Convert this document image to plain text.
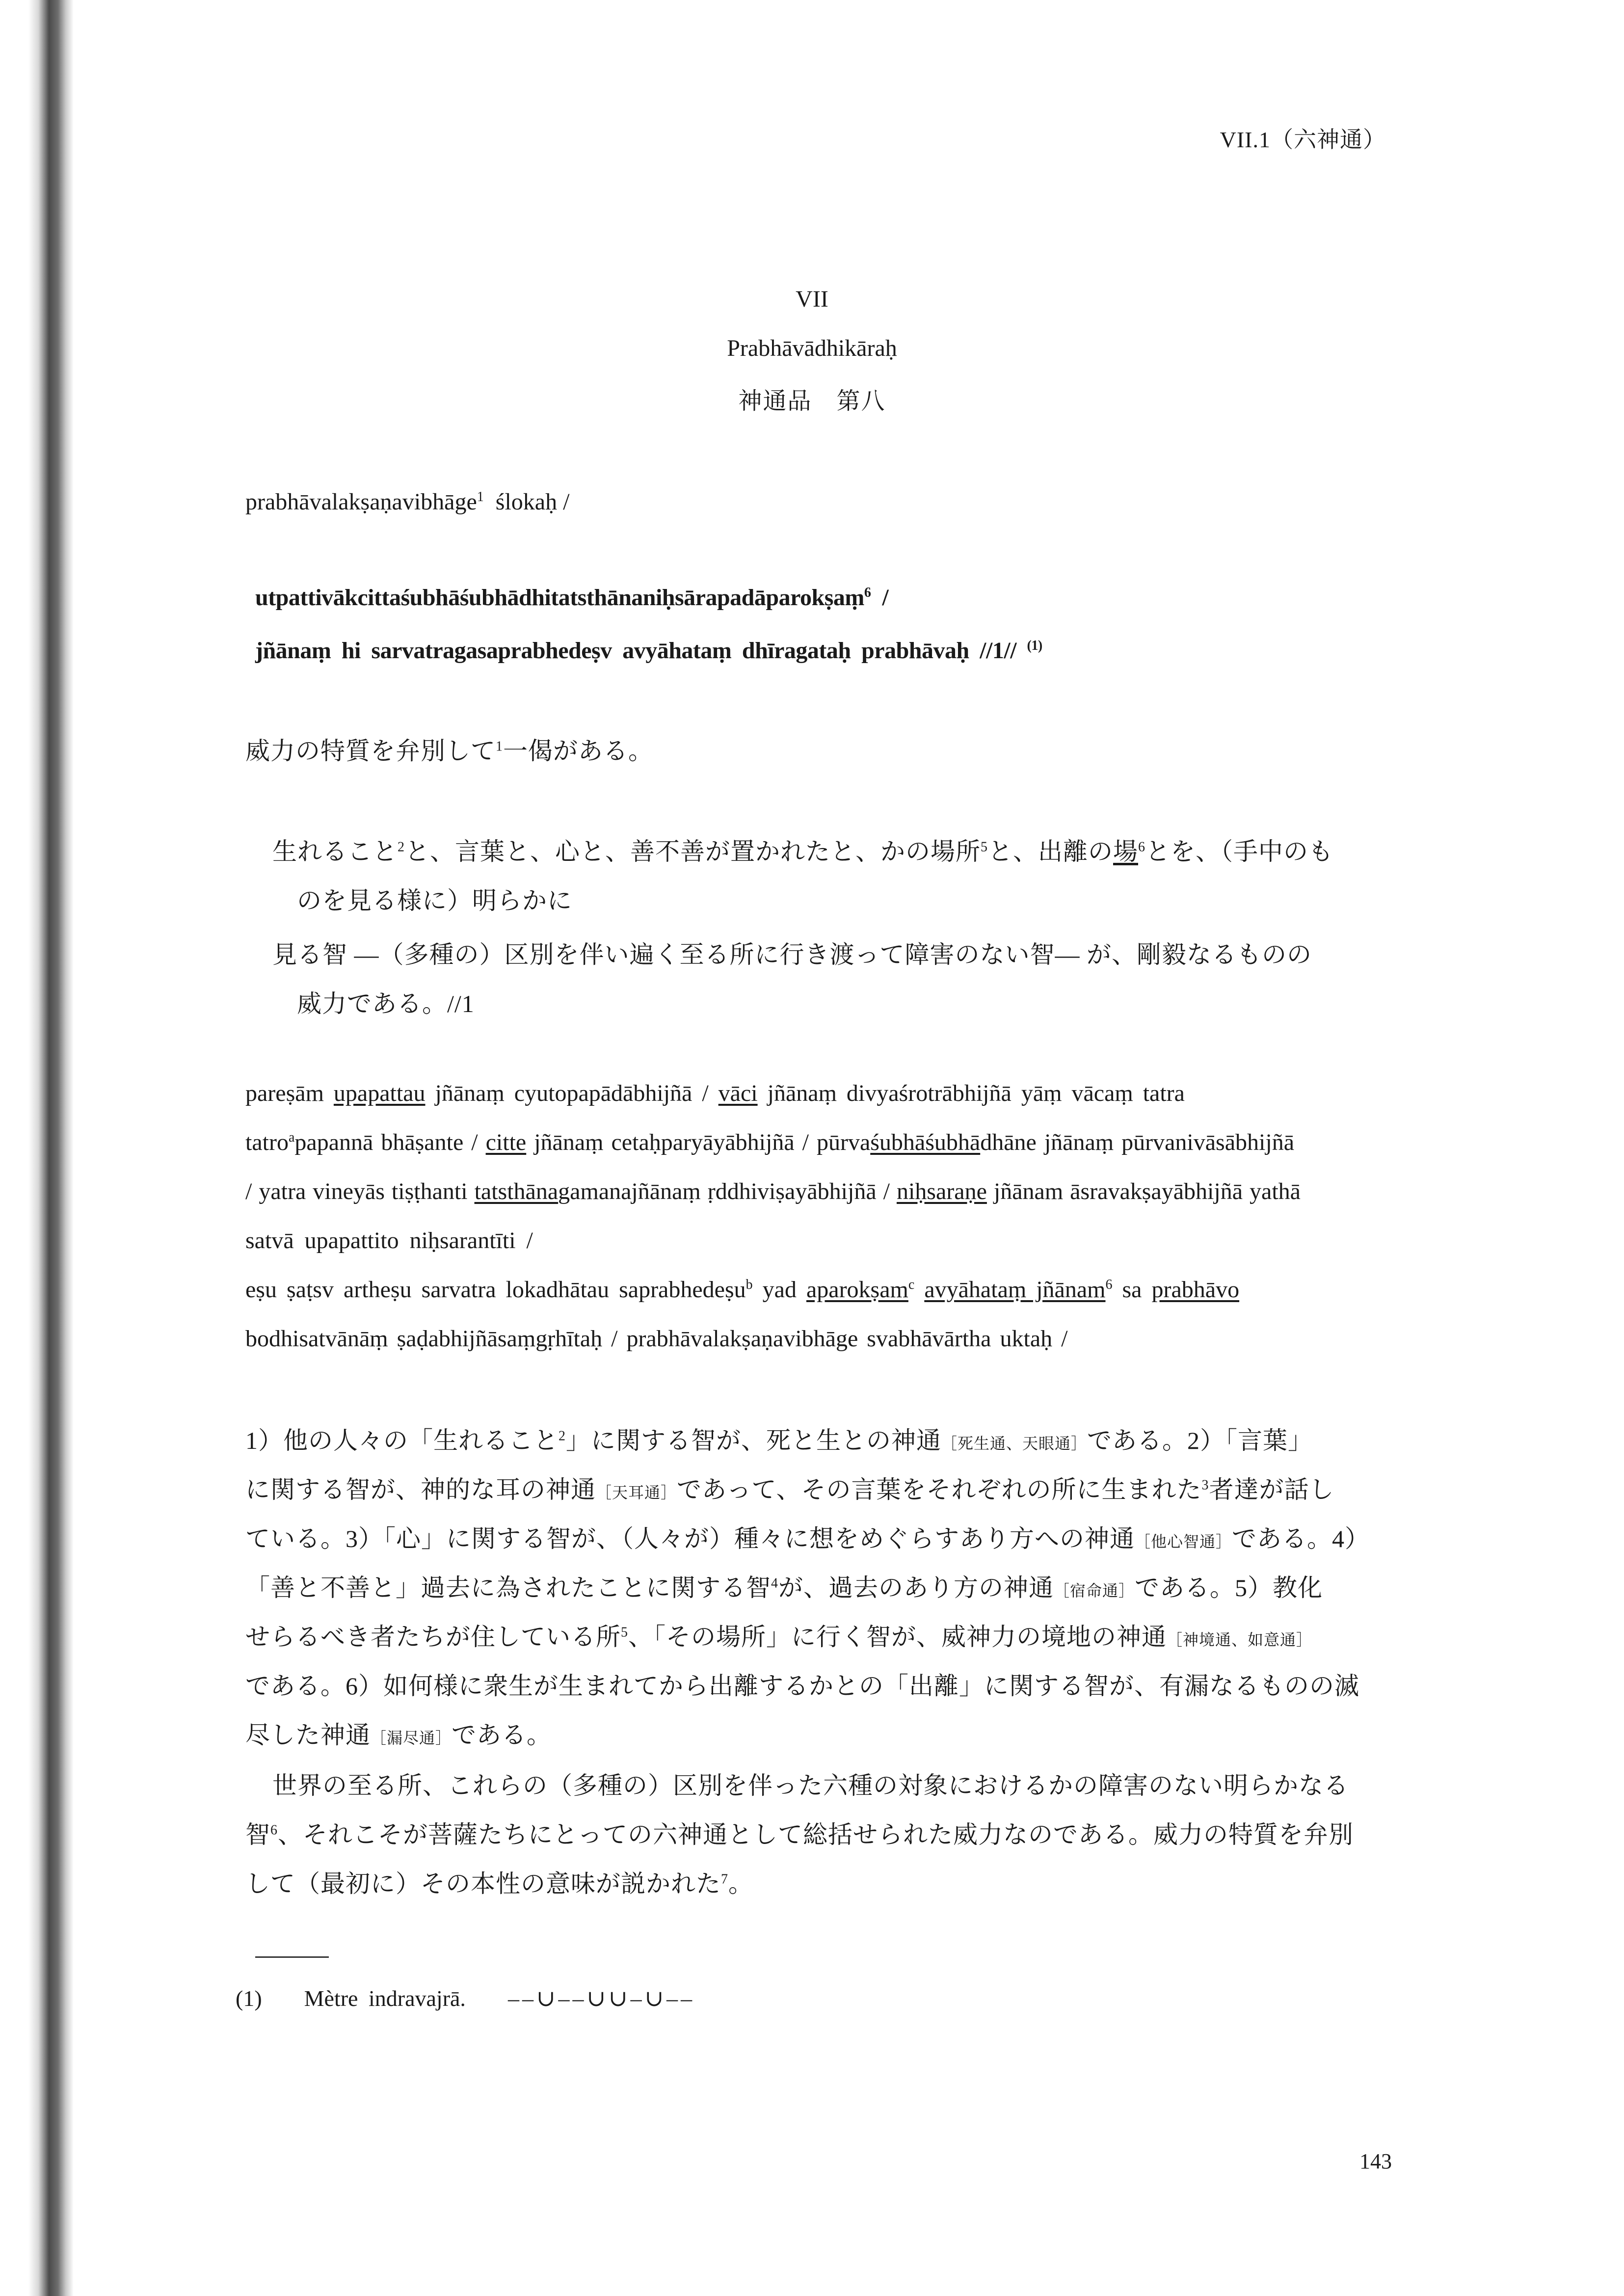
VII.1（六神通）
VII
Prabhāvādhikāraḥ
神通品　第八
prabhāvalakṣaṇavibhāge$^1$ ślokaḥ /
utpattivākcittaśubhāśubhādhitatsthānaniḥsārapadāparokṣaṃ$^6$ /
jñānaṃ hi sarvatragasaprabhedeṣv avyāhataṃ dhīragataḥ prabhāvaḥ //1// $^{(1)}$
威力の特質を弁別して$^1$一偈がある。
生れること$^2$と、言葉と、心と、善不善が置かれたと、かの場所$^5$と、出離の場$^6$とを、（手中のも
のを見る様に）明らかに
見る智 ―（多種の）区別を伴い遍く至る所に行き渡って障害のない智― が、剛毅なるものの
威力である。//1
pareṣām upapattau jñānaṃ cyutopapādābhijñā / vāci jñānaṃ divyaśrotrābhijñā yāṃ vācaṃ tatra
tatro$^a$papannā bhāṣante / citte jñānaṃ cetaḥparyāyābhijñā / pūrvaśubhāśubhādhāne jñānaṃ pūrvanivāsābhijñā
/ yatra vineyās tiṣṭhanti tatsthānagamanajñānaṃ ṛddhiviṣayābhijñā / niḥsaraṇe jñānam āsravakṣayābhijñā yathā
satvā upapattito niḥsarantīti /
eṣu ṣaṭsv artheṣu sarvatra lokadhātau saprabhedeṣu$^b$ yad aparokṣam$^c$ avyāhataṃ jñānam$^6$ sa prabhāvo
bodhisatvānāṃ ṣaḍabhijñāsaṃgṛhītaḥ / prabhāvalakṣaṇavibhāge svabhāvārtha uktaḥ /
1）他の人々の「生れること$^2$」に関する智が、死と生との神通［死生通、天眼通］である。2）「言葉」
に関する智が、神的な耳の神通［天耳通］であって、その言葉をそれぞれの所に生まれた$^3$者達が話し
ている。3）「心」に関する智が、（人々が）種々に想をめぐらすあり方への神通［他心智通］である。4）
「善と不善と」過去に為されたことに関する智$^4$が、過去のあり方の神通［宿命通］である。5）教化
せらるべき者たちが住している所$^5$、「その場所」に行く智が、威神力の境地の神通［神境通、如意通］
である。6）如何様に衆生が生まれてから出離するかとの「出離」に関する智が、有漏なるものの滅
尽した神通［漏尽通］である。
世界の至る所、これらの（多種の）区別を伴った六種の対象におけるかの障害のない明らかなる
智$^6$、それこそが菩薩たちにとっての六神通として総括せられた威力なのである。威力の特質を弁別
して（最初に）その本性の意味が説かれた$^7$。
(1) Mètre indravajrā. ‒‒∪‒‒∪∪‒∪‒‒
143
